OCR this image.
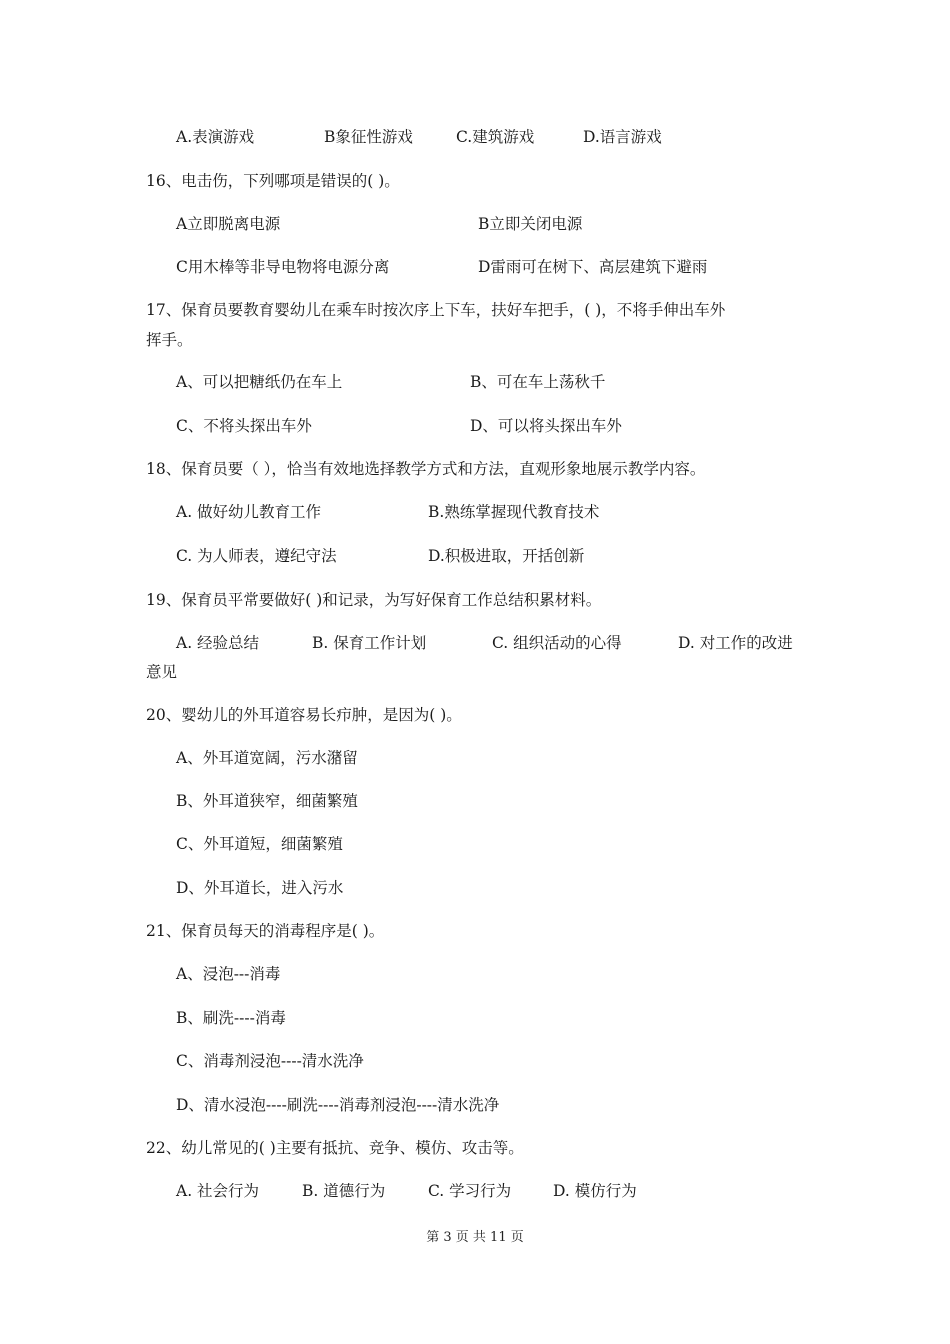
A.表演游戏	B象征性游戏	C.建筑游戏	D.语言游戏
16、电击伤，下列哪项是错误的( )。
A立即脱离电源	B立即关闭电源
C用木棒等非导电物将电源分离	D雷雨可在树下、高层建筑下避雨
17、保育员要教育婴幼儿在乘车时按次序上下车，扶好车把手，( )，不将手伸出车外
挥手。
A、可以把糖纸仍在车上	B、可在车上荡秋千
C、不将头探出车外	D、可以将头探出车外
18、保育员要（ ），恰当有效地选择教学方式和方法，直观形象地展示教学内容。
A. 做好幼儿教育工作	B.熟练掌握现代教育技术
C. 为人师表，遵纪守法	D.积极进取，开括创新
19、保育员平常要做好( )和记录，为写好保育工作总结积累材料。
A. 经验总结	B. 保育工作计划	C. 组织活动的心得	D. 对工作的改进
意见
20、婴幼儿的外耳道容易长疖肿，是因为( )。
A、外耳道宽阔，污水潴留
B、外耳道狭窄，细菌繁殖
C、外耳道短，细菌繁殖
D、外耳道长，进入污水
21、保育员每天的消毒程序是( )。
A、浸泡---消毒
B、刷洗----消毒
C、消毒剂浸泡----清水洗净
D、清水浸泡----刷洗----消毒剂浸泡----清水洗净
22、幼儿常见的( )主要有抵抗、竞争、模仿、攻击等。
A. 社会行为	B. 道德行为	C. 学习行为	D. 模仿行为
第 3 页 共 11 页
